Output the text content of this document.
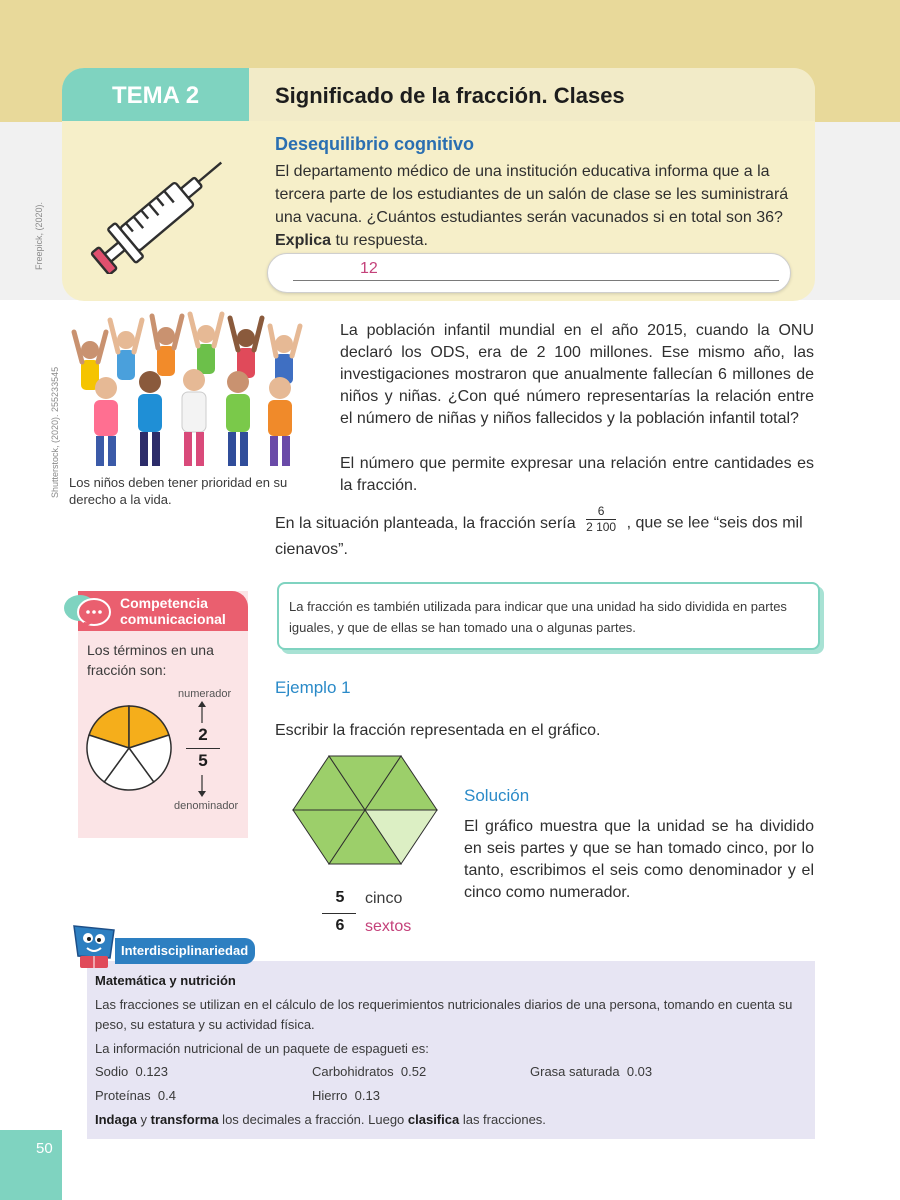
TEMA 2	Significado de la fracción. Clases
Desequilibrio cognitivo
El departamento médico de una institución educativa informa que a la tercera parte de los estudiantes de un salón de clase se les suministrará una vacuna. ¿Cuántos estudiantes serán vacunados si en total son 36? Explica tu respuesta.
12
Freepick, (2020).
Shutterstock, (2020). 255233545 Los niños deben tener prioridad en su derecho a la vida.
La población infantil mundial en el año 2015, cuando la ONU declaró los ODS, era de 2 100 millones. Ese mismo año, las investigaciones mostraron que anualmente fallecían 6 millones de niños y niñas. ¿Con qué número representarías la relación entre el número de niñas y niños fallecidos y la población infantil total?
El número que permite expresar una relación entre cantidades es la fracción.
En la situación planteada, la fracción sería $\frac{6}{2 100}$ , que se lee “seis dos mil cienavos”.
Competencia
comunicacional
Los términos en una fracción son:
numerador
2
5
denominador
La fracción es también utilizada para indicar que una unidad ha sido dividida en partes iguales, y que de ellas se han tomado una o algunas partes.
Ejemplo 1
Escribir la fracción representada en el gráfico.
5	cinco
6	sextos
Solución
El gráfico muestra que la unidad se ha dividido en seis partes y que se han tomado cinco, por lo tanto, escribimos el seis como denominador y el cinco como numerador.
Matemática y nutrición
Las fracciones se utilizan en el cálculo de los requerimientos nutricionales diarios de una persona, tomando en cuenta su peso, su estatura y su actividad física.
La información nutricional de un paquete de espagueti es:
Sodio 0.123	Carbohidratos 0.52	Grasa saturada 0.03
Proteínas 0.4	Hierro 0.13
Indaga y transforma los decimales a fracción. Luego clasifica las fracciones.
Interdisciplinariedad
50
